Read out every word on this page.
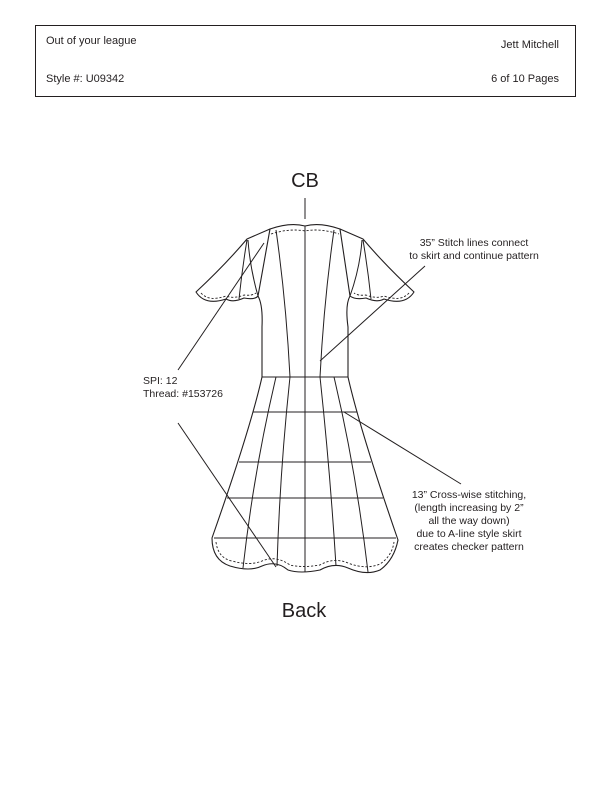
Out of your league
Style #: U09342
Jett Mitchell
6 of 10 Pages
CB
Back
35” Stitch lines connect
to skirt and continue pattern
SPI: 12
Thread: #153726
13” Cross-wise stitching,
(length increasing by 2”
all the way down)
due to A-line style skirt
creates checker pattern
